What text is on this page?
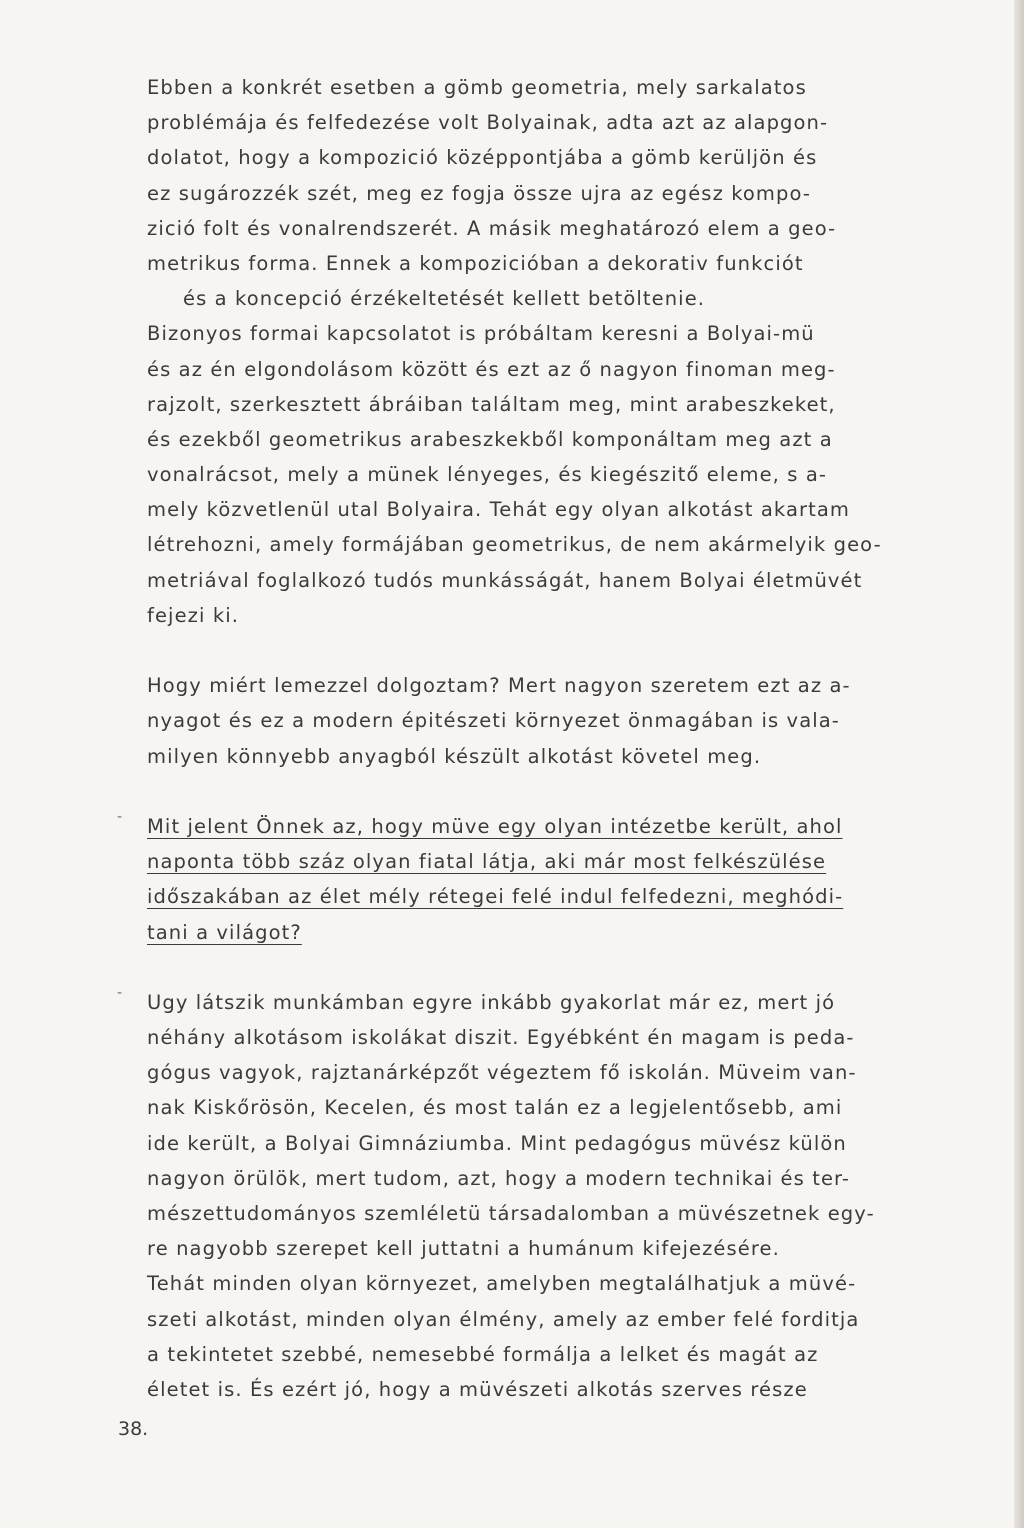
Ebben a konkrét esetben a gömb geometria, mely sarkalatos
problémája és felfedezése volt Bolyainak, adta azt az alapgon-
dolatot, hogy a kompozició középpontjába a gömb kerüljön és
ez sugározzék szét, meg ez fogja össze ujra az egész kompo-
zició folt és vonalrendszerét. A másik meghatározó elem a geo-
metrikus forma. Ennek a kompozicióban a dekorativ funkciót
és a koncepció érzékeltetését kellett betöltenie.
Bizonyos formai kapcsolatot is próbáltam keresni a Bolyai-mü
és az én elgondolásom között és ezt az ő nagyon finoman meg-
rajzolt, szerkesztett ábráiban találtam meg, mint arabeszkeket,
és ezekből geometrikus arabeszkekből komponáltam meg azt a
vonalrácsot, mely a münek lényeges, és kiegészitő eleme, s a-
mely közvetlenül utal Bolyaira. Tehát egy olyan alkotást akartam
létrehozni, amely formájában geometrikus, de nem akármelyik geo-
metriával foglalkozó tudós munkásságát, hanem Bolyai életmüvét
fejezi ki.
Hogy miért lemezzel dolgoztam? Mert nagyon szeretem ezt az a-
nyagot és ez a modern épitészeti környezet önmagában is vala-
milyen könnyebb anyagból készült alkotást követel meg.
- Mit jelent Önnek az, hogy müve egy olyan intézetbe került, ahol
naponta több száz olyan fiatal látja, aki már most felkészülése
időszakában az élet mély rétegei felé indul felfedezni, meghódi-
tani a világot?
- Ugy látszik munkámban egyre inkább gyakorlat már ez, mert jó
néhány alkotásom iskolákat diszit. Egyébként én magam is peda-
gógus vagyok, rajztanárképzőt végeztem fő iskolán. Müveim van-
nak Kiskőrösön, Kecelen, és most talán ez a legjelentősebb, ami
ide került, a Bolyai Gimnáziumba. Mint pedagógus müvész külön
nagyon örülök, mert tudom, azt, hogy a modern technikai és ter-
mészettudományos szemléletü társadalomban a müvészetnek egy-
re nagyobb szerepet kell juttatni a humánum kifejezésére.
Tehát minden olyan környezet, amelyben megtalálhatjuk a müvé-
szeti alkotást, minden olyan élmény, amely az ember felé forditja
a tekintetet szebbé, nemesebbé formálja a lelket és magát az
életet is. És ezért jó, hogy a müvészeti alkotás szerves része
38.
